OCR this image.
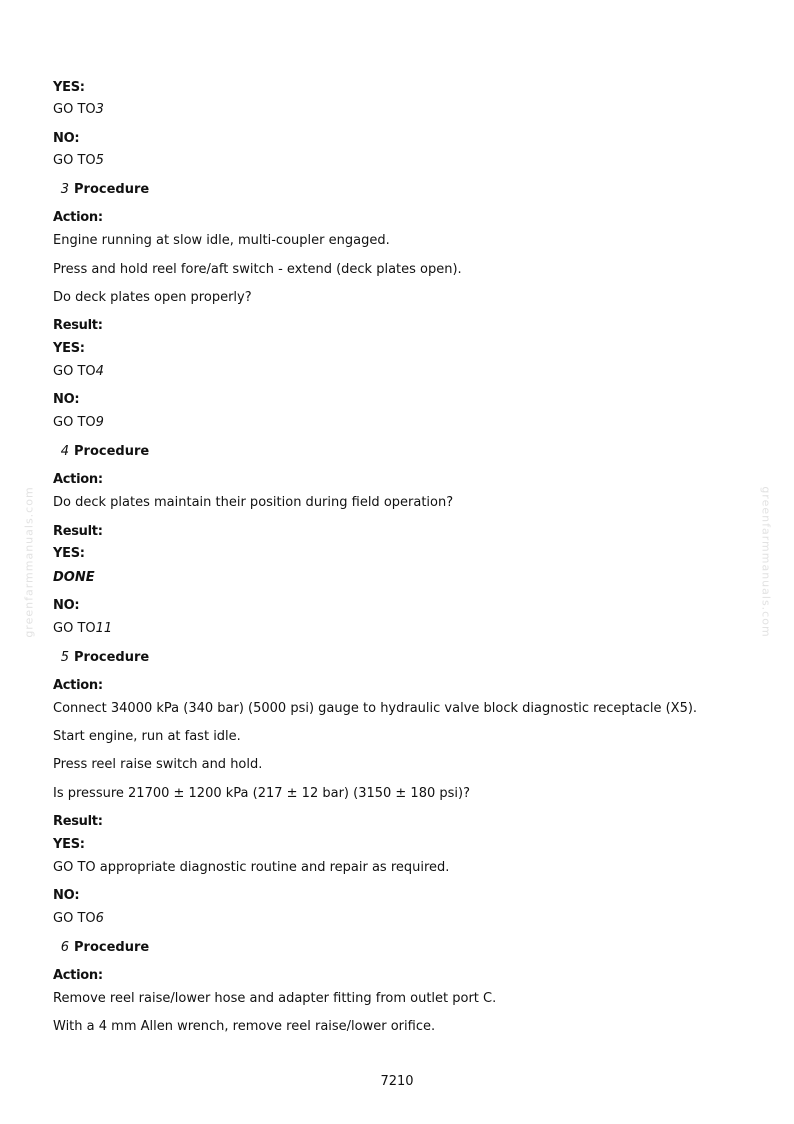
YES:
GO TO3
NO:
GO TO5
3 Procedure
Action:
Engine running at slow idle, multi-coupler engaged.
Press and hold reel fore/aft switch - extend (deck plates open).
Do deck plates open properly?
Result:
YES:
GO TO4
NO:
GO TO9
4 Procedure
Action:
Do deck plates maintain their position during field operation?
Result:
YES:
DONE
NO:
GO TO11
5 Procedure
Action:
Connect 34000 kPa (340 bar) (5000 psi) gauge to hydraulic valve block diagnostic receptacle (X5).
Start engine, run at fast idle.
Press reel raise switch and hold.
Is pressure 21700 ± 1200 kPa (217 ± 12 bar) (3150 ± 180 psi)?
Result:
YES:
GO TO appropriate diagnostic routine and repair as required.
NO:
GO TO6
6 Procedure
Action:
Remove reel raise/lower hose and adapter fitting from outlet port C.
With a 4 mm Allen wrench, remove reel raise/lower orifice.
greenfarmmanuals.com	greenfarmmanuals.com
7210
